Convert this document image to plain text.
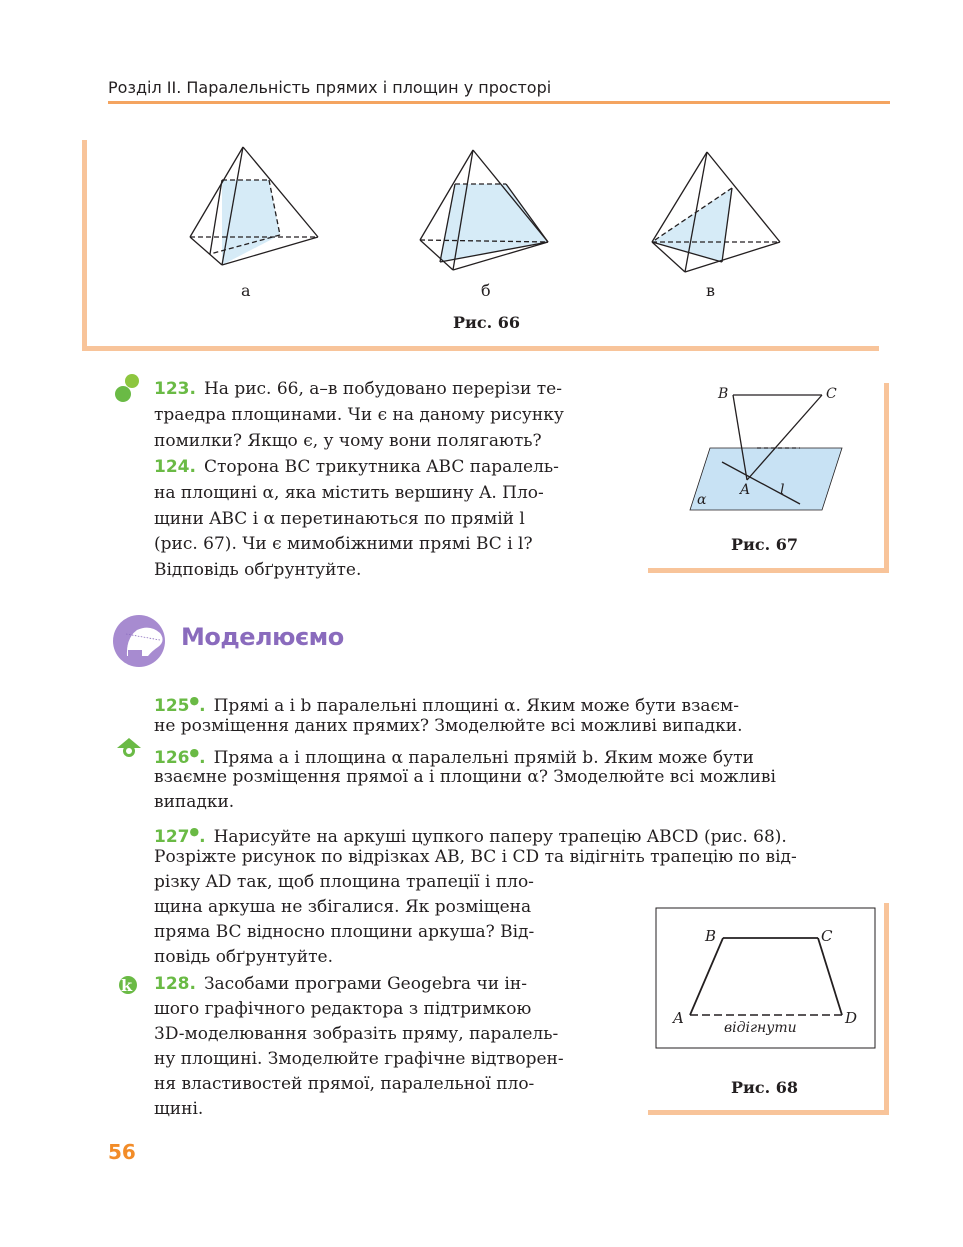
Розділ ІІ. Паралельність прямих і площин у просторі
k
а	б	в
Рис. 66
B	C
A l
α
Рис. 67
B	C
A	D
відігнути
Рис. 68
123. На рис. 66, а–в побудовано перерізи те-
траедра площинами. Чи є на даному рисунку
помилки? Якщо є, у чому вони полягають?
124. Сторона BC трикутника ABC паралель-
на площині α, яка містить вершину A. Пло-
щини ABC і α перетинаються по прямій l
(рис. 67). Чи є мимобіжними прямі BC і l?
Відповідь обґрунтуйте.
Моделюємо
125●. Прямі a і b паралельні площині α. Яким може бути взаєм-
не розміщення даних прямих? Змоделюйте всі можливі випадки.
126●. Пряма a і площина α паралельні прямій b. Яким може бути
взаємне розміщення прямої a і площини α? Змоделюйте всі можливі
випадки.
127●. Нарисуйте на аркуші цупкого паперу трапецію ABCD (рис. 68).
Розріжте рисунок по відрізках AB, BC і CD та відігніть трапецію по від-
різку AD так, щоб площина трапеції і пло-
щина аркуша не збігалися. Як розміщена
пряма BC відносно площини аркуша? Від-
повідь обґрунтуйте.
128. Засобами програми Geogebra чи ін-
шого графічного редактора з підтримкою
3D-моделювання зобразіть пряму, паралель-
ну площині. Змоделюйте графічне відтворен-
ня властивостей прямої, паралельної пло-
щині.
56
